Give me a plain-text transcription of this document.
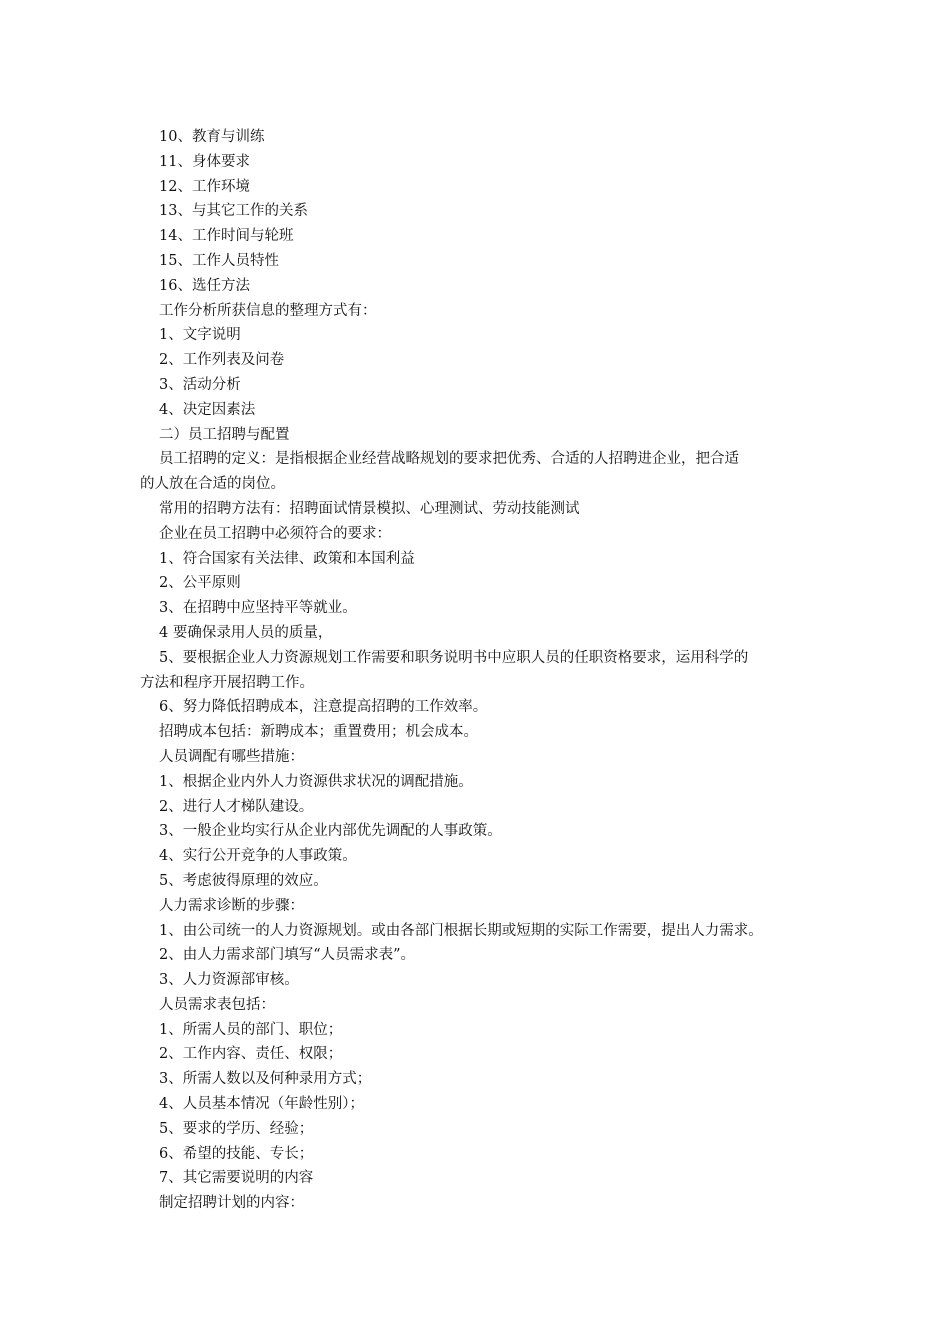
10、教育与训练
11、身体要求
12、工作环境
13、与其它工作的关系
14、工作时间与轮班
15、工作人员特性
16、选任方法
工作分析所获信息的整理方式有：
1、文字说明
2、工作列表及问卷
3、活动分析
4、决定因素法
二）员工招聘与配置
员工招聘的定义：是指根据企业经营战略规划的要求把优秀、合适的人招聘进企业，把合适
的人放在合适的岗位。
常用的招聘方法有：招聘面试情景模拟、心理测试、劳动技能测试
企业在员工招聘中必须符合的要求：
1、符合国家有关法律、政策和本国利益
2、公平原则
3、在招聘中应坚持平等就业。
4 要确保录用人员的质量，
5、要根据企业人力资源规划工作需要和职务说明书中应职人员的任职资格要求，运用科学的
方法和程序开展招聘工作。
6、努力降低招聘成本，注意提高招聘的工作效率。
招聘成本包括：新聘成本；重置费用；机会成本。
人员调配有哪些措施：
1、根据企业内外人力资源供求状况的调配措施。
2、进行人才梯队建设。
3、一般企业均实行从企业内部优先调配的人事政策。
4、实行公开竞争的人事政策。
5、考虑彼得原理的效应。
人力需求诊断的步骤：
1、由公司统一的人力资源规划。或由各部门根据长期或短期的实际工作需要，提出人力需求。
2、由人力需求部门填写“人员需求表”。
3、人力资源部审核。
人员需求表包括：
1、所需人员的部门、职位；
2、工作内容、责任、权限；
3、所需人数以及何种录用方式；
4、人员基本情况（年龄性别）；
5、要求的学历、经验；
6、希望的技能、专长；
7、其它需要说明的内容
制定招聘计划的内容：
